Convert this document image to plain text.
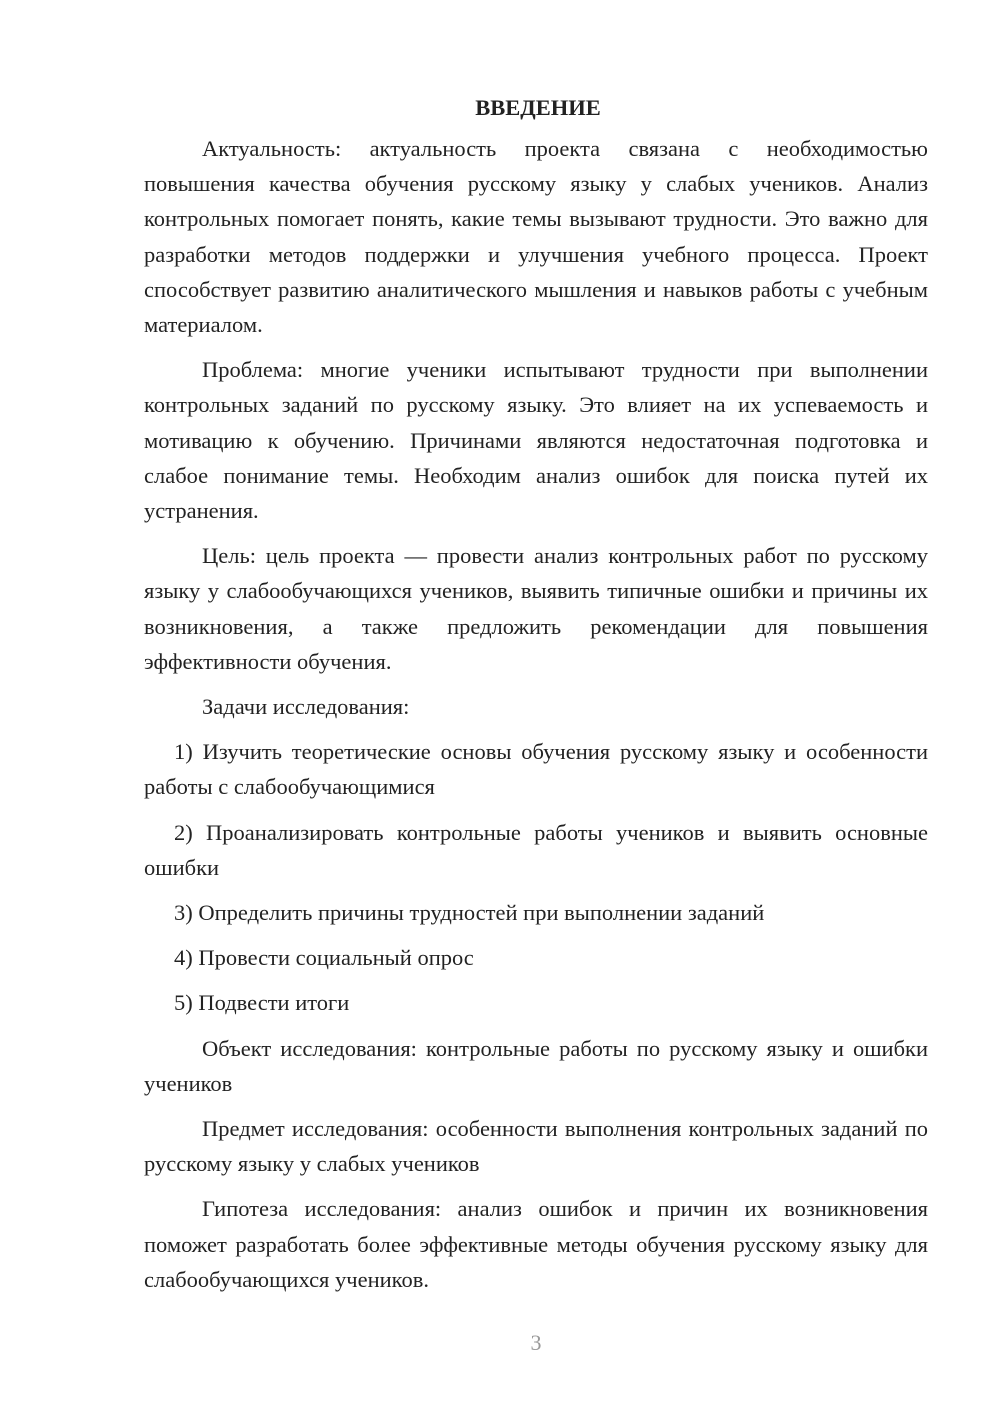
ВВЕДЕНИЕ

Актуальность: актуальность проекта связана с необходимостью повышения качества обучения русскому языку у слабых учеников. Анализ контрольных помогает понять, какие темы вызывают трудности. Это важно для разработки методов поддержки и улучшения учебного процесса. Проект способствует развитию аналитического мышления и навыков работы с учебным материалом.

Проблема: многие ученики испытывают трудности при выполнении контрольных заданий по русскому языку. Это влияет на их успеваемость и мотивацию к обучению. Причинами являются недостаточная подготовка и слабое понимание темы. Необходим анализ ошибок для поиска путей их устранения.

Цель: цель проекта — провести анализ контрольных работ по русскому языку у слабообучающихся учеников, выявить типичные ошибки и причины их возникновения, а также предложить рекомендации для повышения эффективности обучения.

Задачи исследования:

1) Изучить теоретические основы обучения русскому языку и особенности работы с слабообучающимися

2) Проанализировать контрольные работы учеников и выявить основные ошибки

3) Определить причины трудностей при выполнении заданий

4) Провести социальный опрос

5) Подвести итоги

Объект исследования: контрольные работы по русскому языку и ошибки учеников

Предмет исследования: особенности выполнения контрольных заданий по русскому языку у слабых учеников

Гипотеза исследования: анализ ошибок и причин их возникновения поможет разработать более эффективные методы обучения русскому языку для слабообучающихся учеников.

3
